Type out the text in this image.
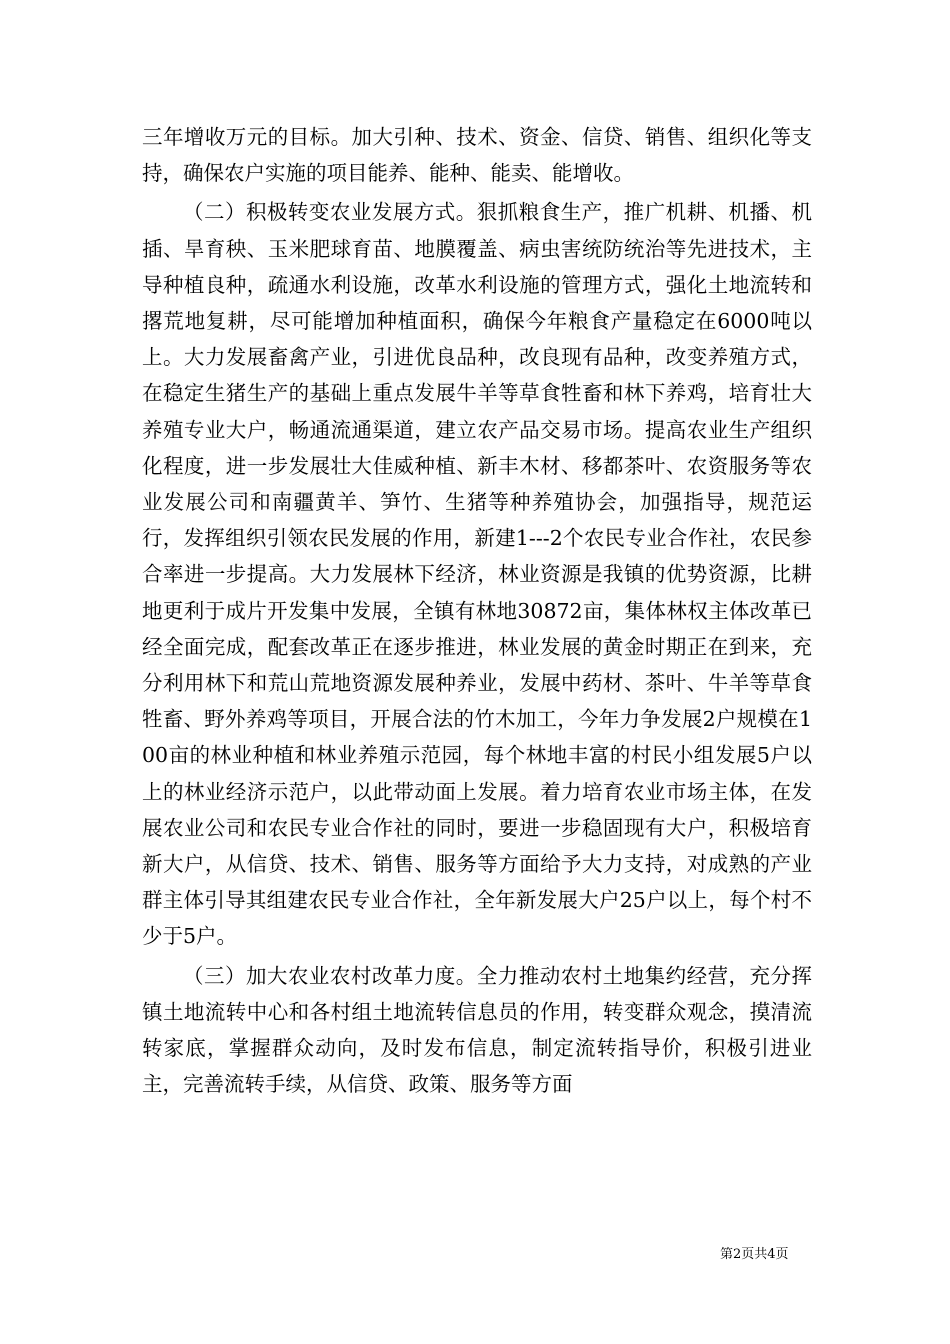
三年增收万元的目标。加大引种、技术、资金、信贷、销售、组织化等支持，确保农户实施的项目能养、能种、能卖、能增收。

（二）积极转变农业发展方式。狠抓粮食生产，推广机耕、机播、机插、旱育秧、玉米肥球育苗、地膜覆盖、病虫害统防统治等先进技术，主导种植良种，疏通水利设施，改革水利设施的管理方式，强化土地流转和撂荒地复耕，尽可能增加种植面积，确保今年粮食产量稳定在6000吨以上。大力发展畜禽产业，引进优良品种，改良现有品种，改变养殖方式，在稳定生猪生产的基础上重点发展牛羊等草食牲畜和林下养鸡，培育壮大养殖专业大户，畅通流通渠道，建立农产品交易市场。提高农业生产组织化程度，进一步发展壮大佳威种植、新丰木材、移都茶叶、农资服务等农业发展公司和南疆黄羊、笋竹、生猪等种养殖协会，加强指导，规范运行，发挥组织引领农民发展的作用，新建1---2个农民专业合作社，农民参合率进一步提高。大力发展林下经济，林业资源是我镇的优势资源，比耕地更利于成片开发集中发展，全镇有林地30872亩，集体林权主体改革已经全面完成，配套改革正在逐步推进，林业发展的黄金时期正在到来，充分利用林下和荒山荒地资源发展种养业，发展中药材、茶叶、牛羊等草食牲畜、野外养鸡等项目，开展合法的竹木加工，今年力争发展2户规模在100亩的林业种植和林业养殖示范园，每个林地丰富的村民小组发展5户以上的林业经济示范户，以此带动面上发展。着力培育农业市场主体，在发展农业公司和农民专业合作社的同时，要进一步稳固现有大户，积极培育新大户，从信贷、技术、销售、服务等方面给予大力支持，对成熟的产业群主体引导其组建农民专业合作社，全年新发展大户25户以上，每个村不少于5户。

（三）加大农业农村改革力度。全力推动农村土地集约经营，充分挥镇土地流转中心和各村组土地流转信息员的作用，转变群众观念，摸清流转家底，掌握群众动向，及时发布信息，制定流转指导价，积极引进业主，完善流转手续，从信贷、政策、服务等方面

第2页共4页
